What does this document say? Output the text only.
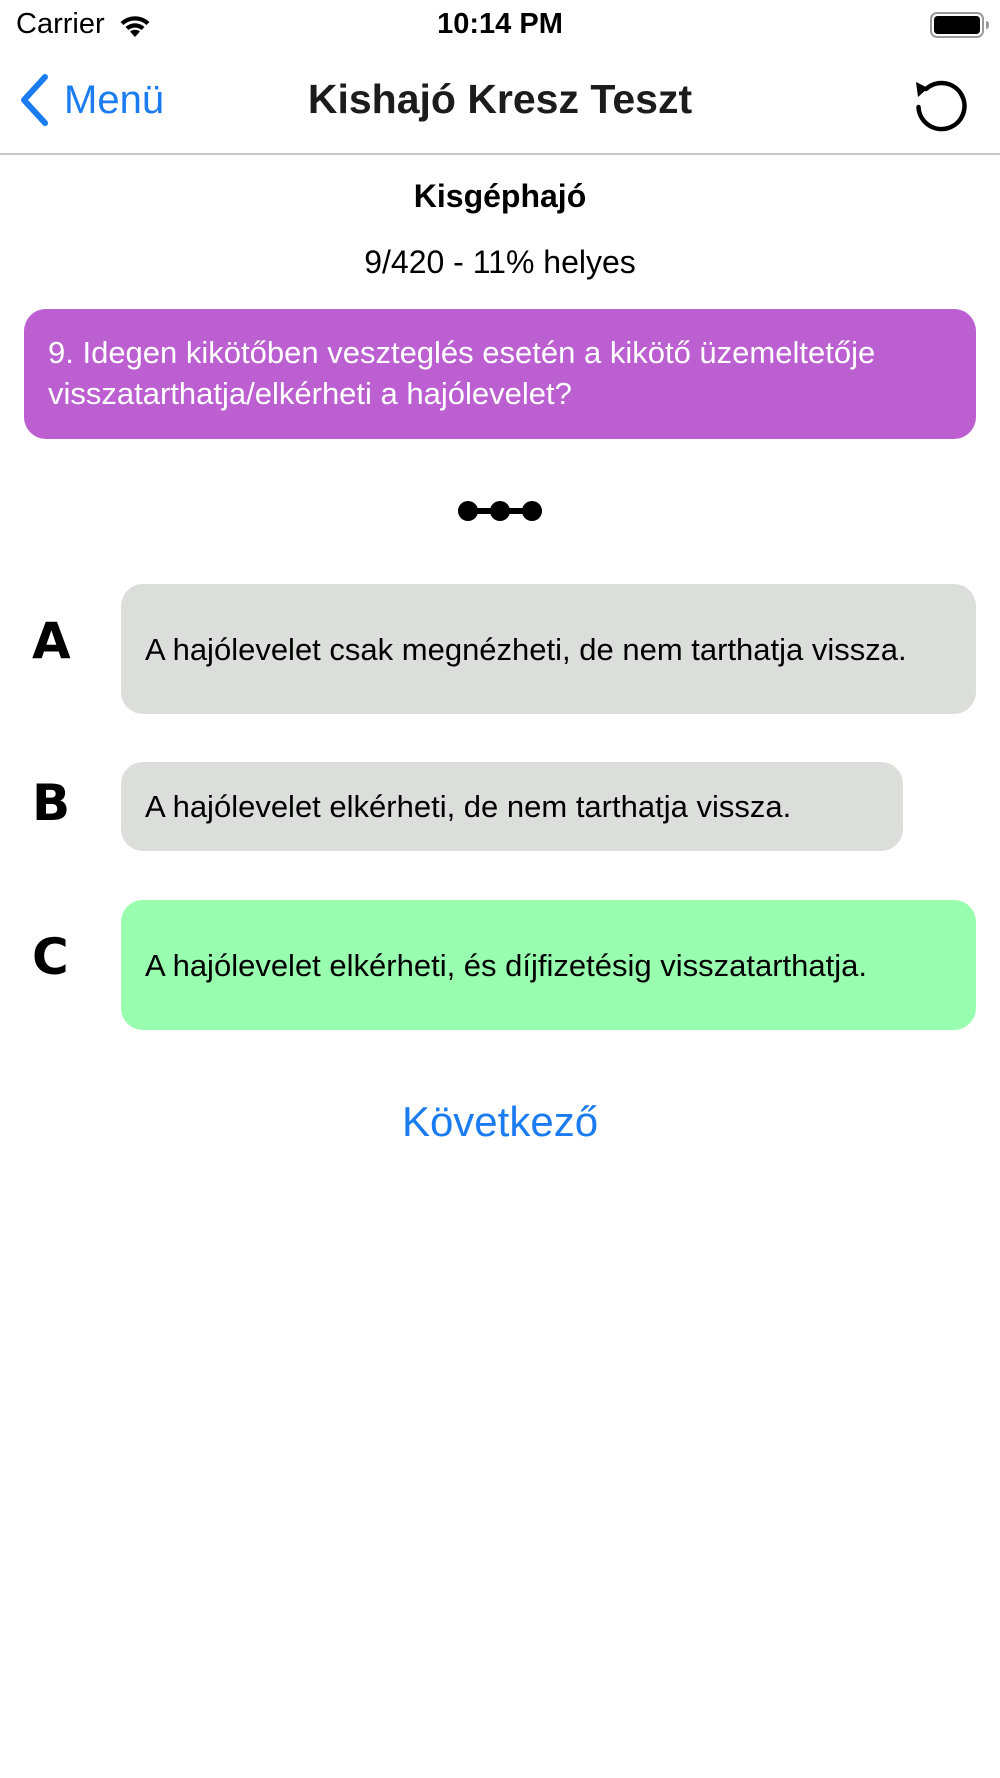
Carrier	10:14 PM
Menü	Kishajó Kresz Teszt
Kisgéphajó
9/420 - 11% helyes
9. Idegen kikötőben veszteglés esetén a kikötő üzemeltetője visszatarthatja/elkérheti a hajólevelet?
A A hajólevelet csak megnézheti, de nem tarthatja vissza.
B A hajólevelet elkérheti, de nem tarthatja vissza.
C A hajólevelet elkérheti, és díjfizetésig visszatarthatja.
Következő
